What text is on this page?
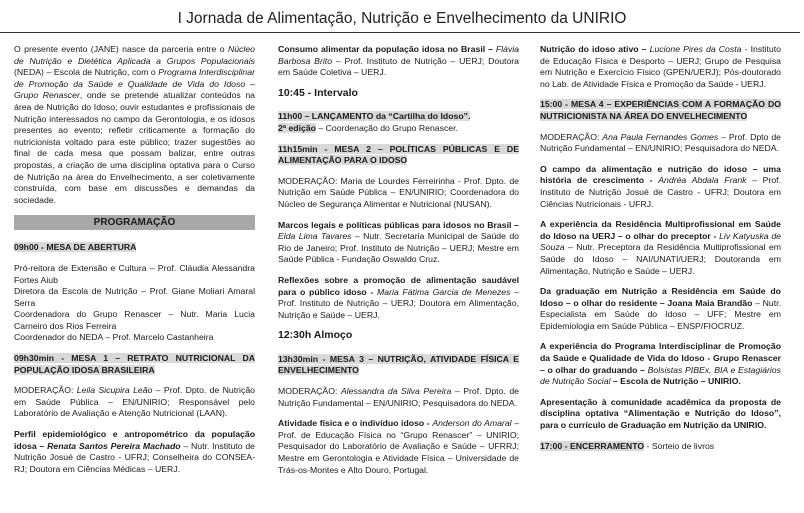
I Jornada de Alimentação, Nutrição e Envelhecimento da UNIRIO
O presente evento (JANE) nasce da parceria entre o Núcleo de Nutrição e Dietética Aplicada a Grupos Populacionais (NEDA) – Escola de Nutrição, com o Programa Interdisciplinar de Promoção da Saúde e Qualidade de Vida do Idoso – Grupo Renascer, onde se pretende atualizar conteúdos na área de Nutrição do Idoso; ouvir estudantes e profissionais de Nutrição interessados no campo da Gerontologia, e os idosos presentes ao evento; refletir criticamente a formação do nutricionista voltado para este público; trazer sugestões ao final de cada mesa que possam balizar, entre outras propostas, a criação de uma disciplina optativa para o Curso de Nutrição na área do Envelhecimento, a ser coletivamente construída, com base em discussões e demandas da sociedade.
PROGRAMAÇÃO
09h00 - MESA DE ABERTURA
Pró-reitora de Extensão e Cultura – Prof. Cláudia Alessandra Fortes Aiub
Diretora da Escola de Nutrição – Prof. Giane Moliari Amaral Serra
Coordenadora do Grupo Renascer – Nutr. Maria Lucia Carneiro dos Rios Ferreira
Coordenador do NEDA – Prof. Marcelo Castanheira
09h30min - MESA 1 – RETRATO NUTRICIONAL DA POPULAÇÃO IDOSA BRASILEIRA
MODERAÇÃO: Leila Sicupira Leão – Prof. Dpto. de Nutrição em Saúde Pública – EN/UNIRIO; Responsável pelo Laboratório de Avaliação e Atenção Nutricional (LAAN).
Perfil epidemiológico e antropométrico da população idosa – Renata Santos Pereira Machado – Nutr. Instituto de Nutrição Josué de Castro - UFRJ; Conselheira do CONSEA-RJ; Doutora em Ciências Médicas – UERJ.
Consumo alimentar da população idosa no Brasil – Flávia Barbosa Brito – Prof. Instituto de Nutrição – UERJ; Doutora em Saúde Coletiva – UERJ.
10:45 - Intervalo
11h00 – LANÇAMENTO da “Cartilha do Idoso”.
2ª edição – Coordenação do Grupo Renascer.
11h15min - MESA 2 – POLÍTICAS PÚBLICAS E DE ALIMENTAÇÃO PARA O IDOSO
MODERAÇÃO: Maria de Lourdes Ferreirinha - Prof. Dpto. de Nutrição em Saúde Pública – EN/UNIRIO; Coordenadora do Núcleo de Segurança Alimentar e Nutricional (NUSAN).
Marcos legais e políticas públicas para idosos no Brasil – Elda Lima Tavares – Nutr. Secretaria Municipal de Saúde do Rio de Janeiro; Prof. Instituto de Nutrição – UERJ; Mestre em Saúde Pública - Fundação Oswaldo Cruz.
Reflexões sobre a promoção de alimentação saudável para o público idoso - Maria Fátima Garcia de Menezes – Prof. Instituto de Nutrição – UERJ; Doutora em Alimentação, Nutrição e Saúde – UERJ.
12:30h Almoço
13h30min - MESA 3 – NUTRIÇÃO, ATIVIDADE FÍSICA E ENVELHECIMENTO
MODERAÇÃO: Alessandra da Silva Pereira – Prof. Dpto. de Nutrição Fundamental – EN/UNIRIO; Pesquisadora do NEDA.
Atividade física e o indivíduo idoso - Anderson do Amaral – Prof. de Educação Física no “Grupo Renascer” – UNIRIO; Pesquisador do Laboratório de Avaliação e Saúde – UFRRJ; Mestre em Gerontologia e Atividade Física – Universidade de Trás-os-Montes e Alto Douro, Portugal.
Nutrição do idoso ativo – Lucione Pires da Costa - Instituto de Educação Física e Desporto – UERJ; Grupo de Pesquisa em Nutrição e Exercício Físico (GPEN/UERJ); Pós-doutorado no Lab. de Atividade Física e Promoção da Saúde - UERJ.
15:00 - MESA 4 – EXPERIÊNCIAS COM A FORMAÇÃO DO NUTRICIONISTA NA ÁREA DO ENVELHECIMENTO
MODERAÇÃO: Ana Paula Fernandes Gomes – Prof. Dpto de Nutrição Fundamental – EN/UNIRIO; Pesquisadora do NEDA.
O campo da alimentação e nutrição do idoso – uma história de crescimento - Andréa Abdala Frank – Prof. Instituto de Nutrição Josué de Castro - UFRJ; Doutora em Ciências Nutricionais - UFRJ.
A experiência da Residência Multiprofissional em Saúde do Idoso na UERJ – o olhar do preceptor - Liv Katyuska de Souza – Nutr. Preceptora da Residência Multiprofissional em Saúde do Idoso – NAI/UNATI/UERJ; Doutoranda em Alimentação, Nutrição e Saúde – UERJ.
Da graduação em Nutrição a Residência em Saúde do Idoso – o olhar do residente – Joana Maia Brandão – Nutr. Especialista em Saúde do Idoso – UFF; Mestre em Epidemiologia em Saúde Pública – ENSP/FIOCRUZ.
A experiência do Programa Interdisciplinar de Promoção da Saúde e Qualidade de Vida do Idoso - Grupo Renascer – o olhar do graduando – Bolsistas PIBEx, BIA e Estagiários de Nutrição Social – Escola de Nutrição – UNIRIO.
Apresentação à comunidade acadêmica da proposta de disciplina optativa “Alimentação e Nutrição do Idoso”, para o currículo de Graduação em Nutrição da UNIRIO.
17:00 - ENCERRAMENTO - Sorteio de livros
